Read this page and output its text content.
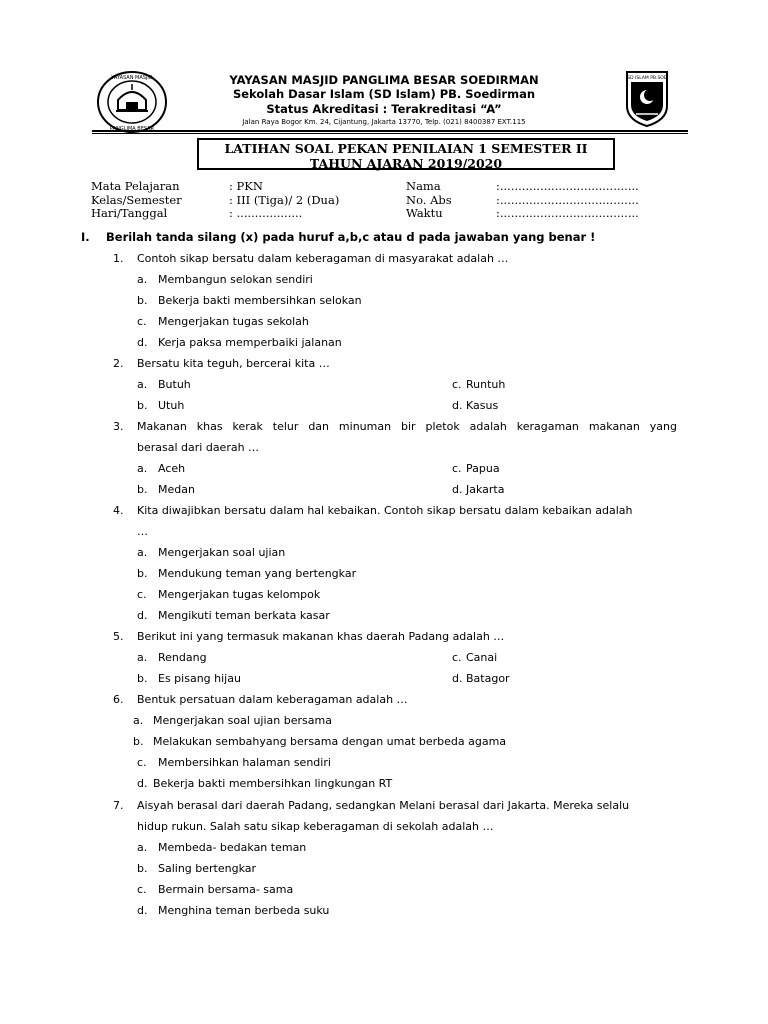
YAYASAN MASJID
PANGLIMA BESAR
SD ISLAM PB.SOE
YAYASAN MASJID PANGLIMA BESAR SOEDIRMAN
Sekolah Dasar Islam (SD Islam) PB. Soedirman
Status Akreditasi : Terakreditasi “A”
Jalan Raya Bogor Km. 24, Cijantung, Jakarta 13770, Telp. (021) 8400387 EXT.115
LATIHAN SOAL PEKAN PENILAIAN 1 SEMESTER II
TAHUN AJARAN 2019/2020
Mata Pelajaran	: PKN	Nama	:......................................
Kelas/Semester	: III (Tiga)/ 2 (Dua)	No. Abs	:......................................
Hari/Tanggal	: ..................	Waktu	:......................................
I. Berilah tanda silang (x) pada huruf a,b,c atau d pada jawaban yang benar !
1. Contoh sikap bersatu dalam keberagaman di masyarakat adalah …
a. Membangun selokan sendiri
b. Bekerja bakti membersihkan selokan
c. Mengerjakan tugas sekolah
d. Kerja paksa memperbaiki jalanan
2. Bersatu kita teguh, bercerai kita …
a. Butuh	c. Runtuh
b. Utuh	d. Kasus
3. Makanan khas kerak telur dan minuman bir pletok adalah keragaman makanan yang
berasal dari daerah …
a. Aceh	c. Papua
b. Medan	d. Jakarta
4. Kita diwajibkan bersatu dalam hal kebaikan. Contoh sikap bersatu dalam kebaikan adalah
…
a. Mengerjakan soal ujian
b. Mendukung teman yang bertengkar
c. Mengerjakan tugas kelompok
d. Mengikuti teman berkata kasar
5. Berikut ini yang termasuk makanan khas daerah Padang adalah …
a. Rendang	c. Canai
b. Es pisang hijau	d. Batagor
6. Bentuk persatuan dalam keberagaman adalah …
a. Mengerjakan soal ujian bersama
b. Melakukan sembahyang bersama dengan umat berbeda agama
c. Membersihkan halaman sendiri
d. Bekerja bakti membersihkan lingkungan RT
7. Aisyah berasal dari daerah Padang, sedangkan Melani berasal dari Jakarta. Mereka selalu
hidup rukun. Salah satu sikap keberagaman di sekolah adalah …
a. Membeda- bedakan teman
b. Saling bertengkar
c. Bermain bersama- sama
d. Menghina teman berbeda suku
